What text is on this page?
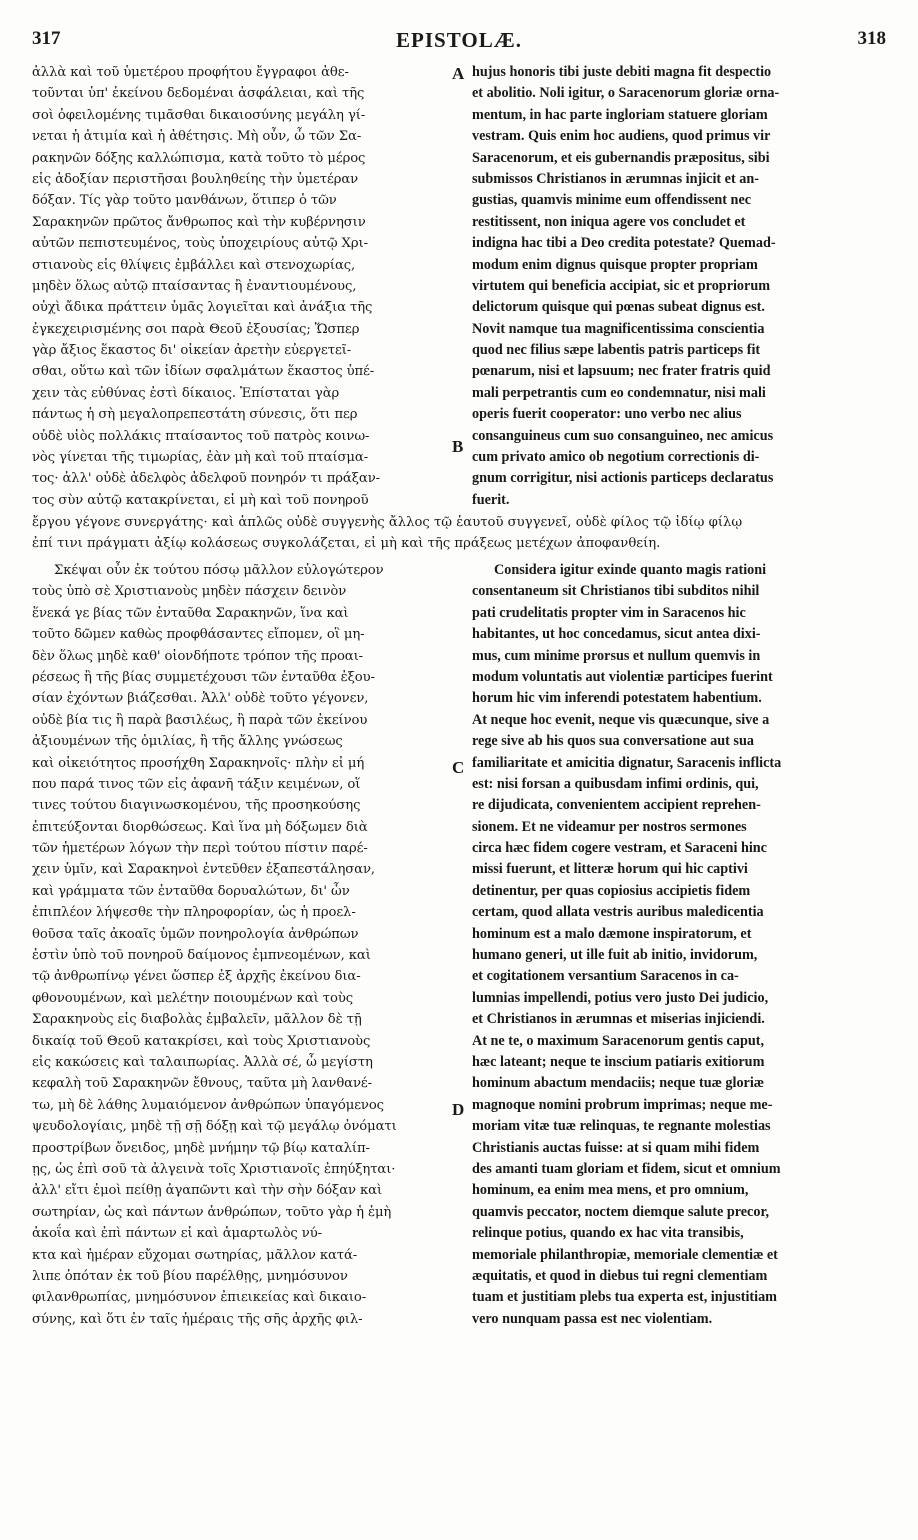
317	EPISTOLÆ.	318
A
B
C
D
ἀλλὰ καὶ τοῦ ὑμετέρου προφήτου ἔγγραφοι ἀθε-
τοῦνται ὑπ' ἐκείνου δεδομέναι ἀσφάλειαι, καὶ τῆς
σοὶ ὀφειλομένης τιμᾶσθαι δικαιοσύνης μεγάλη γί-
νεται ἡ ἀτιμία καὶ ἡ ἀθέτησις. Μὴ οὖν, ὦ τῶν Σα-
ρακηνῶν δόξης καλλώπισμα, κατὰ τοῦτο τὸ μέρος
εἰς ἀδοξίαν περιστῆσαι βουληθείης τὴν ὑμετέραν
δόξαν. Τίς γὰρ τοῦτο μανθάνων, ὅτιπερ ὁ τῶν
Σαρακηνῶν πρῶτος ἄνθρωπος καὶ τὴν κυβέρνησιν
αὐτῶν πεπιστευμένος, τοὺς ὑποχειρίους αὐτῷ Χρι-
στιανοὺς εἰς θλίψεις ἐμβάλλει καὶ στενοχωρίας,
μηδὲν ὅλως αὐτῷ πταίσαντας ἢ ἐναντιουμένους,
οὐχὶ ἄδικα πράττειν ὑμᾶς λογιεῖται καὶ ἀνάξια τῆς
ἐγκεχειρισμένης σοι παρὰ Θεοῦ ἐξουσίας; Ὥσπερ
γὰρ ἄξιος ἕκαστος δι' οἰκείαν ἀρετὴν εὐεργετεῖ-
σθαι, οὕτω καὶ τῶν ἰδίων σφαλμάτων ἕκαστος ὑπέ-
χειν τὰς εὐθύνας ἐστὶ δίκαιος. Ἐπίσταται γὰρ
πάντως ἡ σὴ μεγαλοπρεπεστάτη σύνεσις, ὅτι περ
οὐδὲ υἱὸς πολλάκις πταίσαντος τοῦ πατρὸς κοινω-
νὸς γίνεται τῆς τιμωρίας, ἐὰν μὴ καὶ τοῦ πταίσμα-
τος· ἀλλ' οὐδὲ ἀδελφὸς ἀδελφοῦ πονηρόν τι πράξαν-
τος σὺν αὐτῷ κατακρίνεται, εἰ μὴ καὶ τοῦ πονηροῦ
hujus honoris tibi juste debiti magna fit despectio
et abolitio. Noli igitur, o Saracenorum gloriæ orna-
mentum, in hac parte ingloriam statuere gloriam
vestram. Quis enim hoc audiens, quod primus vir
Saracenorum, et eis gubernandis præpositus, sibi
submissos Christianos in ærumnas injicit et an-
gustias, quamvis minime eum offendissent nec
restitissent, non iniqua agere vos concludet et
indigna hac tibi a Deo credita potestate? Quemad-
modum enim dignus quisque propter propriam
virtutem qui beneficia accipiat, sic et propriorum
delictorum quisque qui pœnas subeat dignus est.
Novit namque tua magnificentissima conscientia
quod nec filius sæpe labentis patris particeps fit
pœnarum, nisi et lapsuum; nec frater fratris quid
mali perpetrantis cum eo condemnatur, nisi mali
operis fuerit cooperator: uno verbo nec alius
consanguineus cum suo consanguineo, nec amicus
cum privato amico ob negotium correctionis di-
gnum corrigitur, nisi actionis particeps declaratus
fuerit.
ἔργου γέγονε συνεργάτης· καὶ ἁπλῶς οὐδὲ συγγενὴς ἄλλος τῷ ἑαυτοῦ συγγενεῖ, οὐδὲ φίλος τῷ ἰδίῳ φίλῳ
ἐπί τινι πράγματι ἀξίῳ κολάσεως συγκολάζεται, εἰ μὴ καὶ τῆς πράξεως μετέχων ἀποφανθείη.
Σκέψαι οὖν ἐκ τούτου πόσῳ μᾶλλον εὐλογώτερον
τοὺς ὑπὸ σὲ Χριστιανοὺς μηδὲν πάσχειν δεινὸν
ἕνεκά γε βίας τῶν ἐνταῦθα Σαρακηνῶν, ἵνα καὶ
τοῦτο δῶμεν καθὼς προφθάσαντες εἴπομεν, οἳ μη-
δὲν ὅλως μηδὲ καθ' οἱονδήποτε τρόπον τῆς προαι-
ρέσεως ἢ τῆς βίας συμμετέχουσι τῶν ἐνταῦθα ἐξου-
σίαν ἐχόντων βιάζεσθαι. Ἀλλ' οὐδὲ τοῦτο γέγονεν,
οὐδὲ βία τις ἢ παρὰ βασιλέως, ἢ παρὰ τῶν ἐκείνου
ἀξιουμένων τῆς ὁμιλίας, ἢ τῆς ἄλλης γνώσεως
καὶ οἰκειότητος προσήχθη Σαρακηνοῖς· πλὴν εἰ μή
που παρά τινος τῶν εἰς ἀφανῆ τάξιν κειμένων, οἵ
τινες τούτου διαγινωσκομένου, τῆς προσηκούσης
ἐπιτεύξονται διορθώσεως. Καὶ ἵνα μὴ δόξωμεν διὰ
τῶν ἡμετέρων λόγων τὴν περὶ τούτου πίστιν παρέ-
χειν ὑμῖν, καὶ Σαρακηνοὶ ἐντεῦθεν ἐξαπεστάλησαν,
καὶ γράμματα τῶν ἐνταῦθα δορυαλώτων, δι' ὧν
ἐπιπλέον λήψεσθε τὴν πληροφορίαν, ὡς ἡ προελ-
θοῦσα ταῖς ἀκοαῖς ὑμῶν πονηρολογία ἀνθρώπων
ἐστὶν ὑπὸ τοῦ πονηροῦ δαίμονος ἐμπνεομένων, καὶ
τῷ ἀνθρωπίνῳ γένει ὥσπερ ἐξ ἀρχῆς ἐκείνου δια-
φθονουμένων, καὶ μελέτην ποιουμένων καὶ τοὺς
Σαρακηνοὺς εἰς διαβολὰς ἐμβαλεῖν, μᾶλλον δὲ τῇ
δικαίᾳ τοῦ Θεοῦ κατακρίσει, καὶ τοὺς Χριστιανοὺς
εἰς κακώσεις καὶ ταλαιπωρίας. Ἀλλὰ σέ, ὦ μεγίστη
κεφαλὴ τοῦ Σαρακηνῶν ἔθνους, ταῦτα μὴ λανθανέ-
τω, μὴ δὲ λάθης λυμαιόμενον ἀνθρώπων ὑπαγόμενος
ψευδολογίαις, μηδὲ τῇ σῇ δόξῃ καὶ τῷ μεγάλῳ ὀνόματι
προστρίβων ὄνειδος, μηδὲ μνήμην τῷ βίῳ καταλίπ-
ῃς, ὡς ἐπὶ σοῦ τὰ ἀλγεινὰ τοῖς Χριστιανοῖς ἐπηύξηται·
ἀλλ' εἴτι ἐμοὶ πείθῃ ἀγαπῶντι καὶ τὴν σὴν δόξαν καὶ
σωτηρίαν, ὡς καὶ πάντων ἀνθρώπων, τοῦτο γὰρ ἡ ἐμὴ
ἀκοΐα καὶ ἐπὶ πάντων εἰ καὶ ἁμαρτωλὸς νύ-
κτα καὶ ἡμέραν εὔχομαι σωτηρίας, μᾶλλον κατά-
λιπε ὁπόταν ἐκ τοῦ βίου παρέλθῃς, μνημόσυνον
φιλανθρωπίας, μνημόσυνον ἐπιεικείας καὶ δικαιο-
σύνης, καὶ ὅτι ἐν ταῖς ἡμέραις τῆς σῆς ἀρχῆς φιλ-
Considera igitur exinde quanto magis rationi
consentaneum sit Christianos tibi subditos nihil
pati crudelitatis propter vim in Saracenos hic
habitantes, ut hoc concedamus, sicut antea dixi-
mus, cum minime prorsus et nullum quemvis in
modum voluntatis aut violentiæ participes fuerint
horum hic vim inferendi potestatem habentium.
At neque hoc evenit, neque vis quæcunque, sive a
rege sive ab his quos sua conversatione aut sua
familiaritate et amicitia dignatur, Saracenis inflicta
est: nisi forsan a quibusdam infimi ordinis, qui,
re dijudicata, convenientem accipient reprehen-
sionem. Et ne videamur per nostros sermones
circa hæc fidem cogere vestram, et Saraceni hinc
missi fuerunt, et litteræ horum qui hic captivi
detinentur, per quas copiosius accipietis fidem
certam, quod allata vestris auribus maledicentia
hominum est a malo dæmone inspiratorum, et
humano generi, ut ille fuit ab initio, invidorum,
et cogitationem versantium Saracenos in ca-
lumnias impellendi, potius vero justo Dei judicio,
et Christianos in ærumnas et miserias injiciendi.
At ne te, o maximum Saracenorum gentis caput,
hæc lateant; neque te inscium patiaris exitiorum
hominum abactum mendaciis; neque tuæ gloriæ
magnoque nomini probrum imprimas; neque me-
moriam vitæ tuæ relinquas, te regnante molestias
Christianis auctas fuisse: at si quam mihi fidem
des amanti tuam gloriam et fidem, sicut et omnium
hominum, ea enim mea mens, et pro omnium,
quamvis peccator, noctem diemque salute precor,
relinque potius, quando ex hac vita transibis,
memoriale philanthropiæ, memoriale clementiæ et
æquitatis, et quod in diebus tui regni clementiam
tuam et justitiam plebs tua experta est, injustitiam
vero nunquam passa est nec violentiam.
